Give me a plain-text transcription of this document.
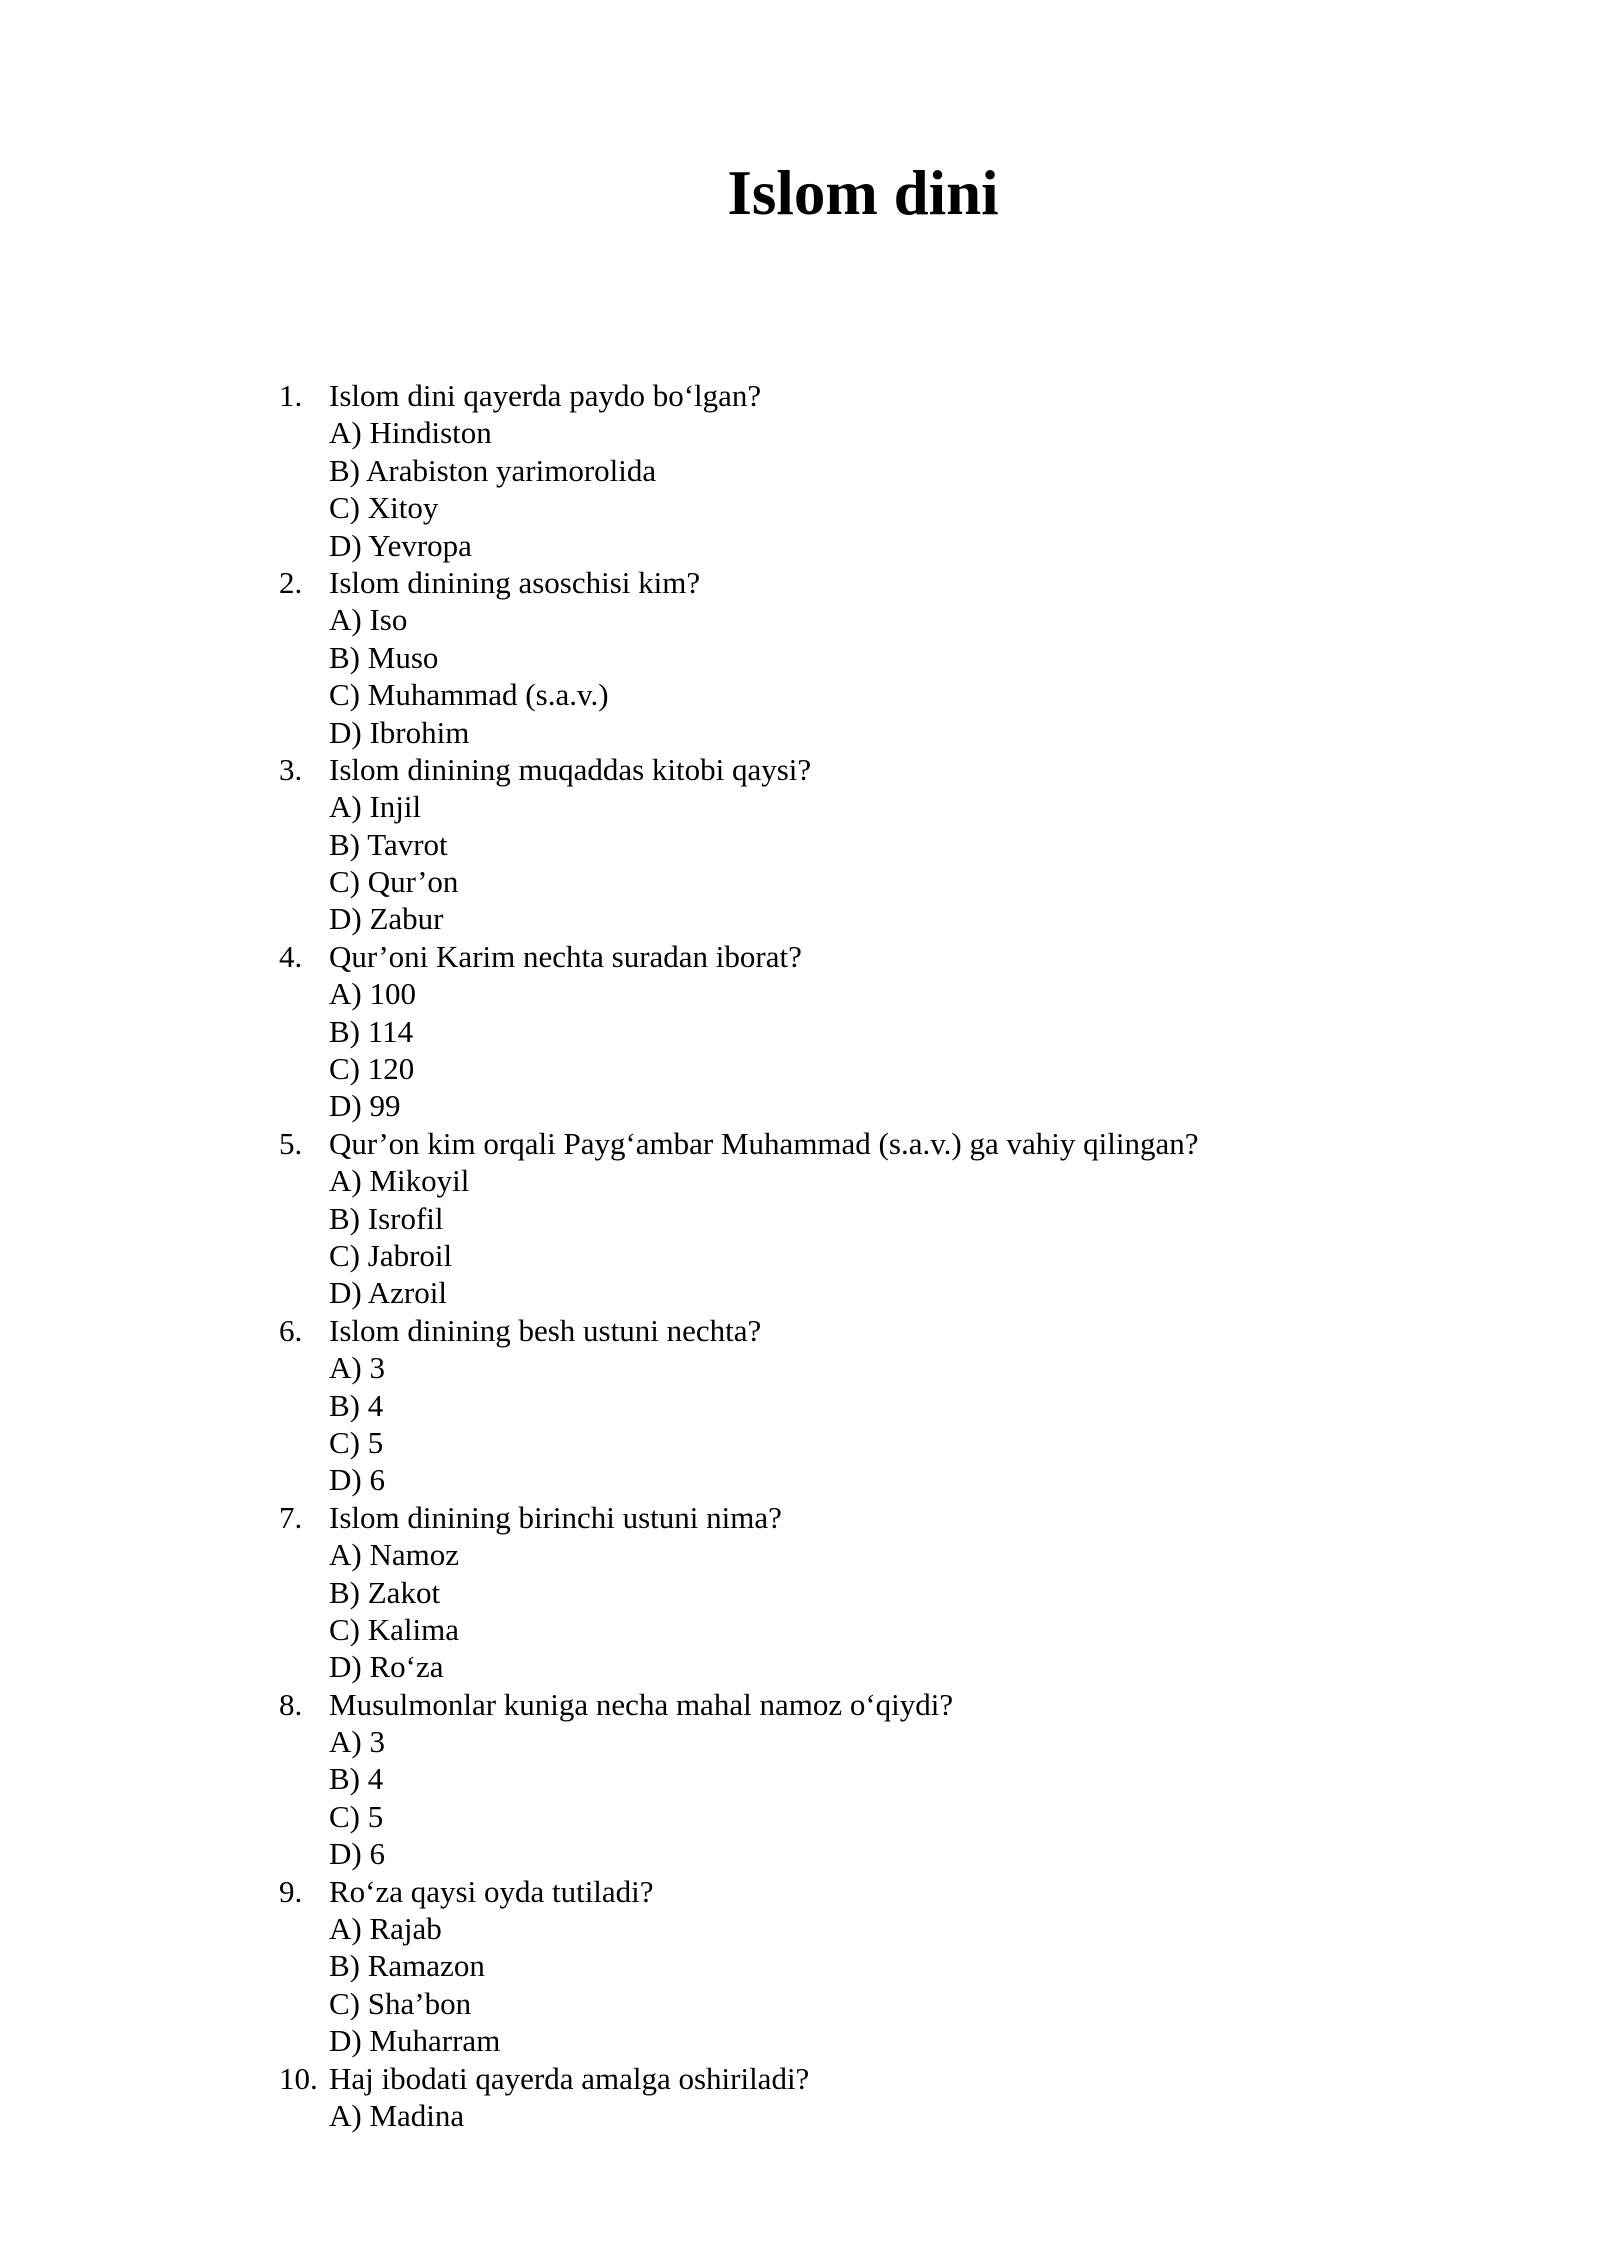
Islom dini
1. Islom dini qayerda paydo bo‘lgan?
A) Hindiston
B) Arabiston yarimorolida
C) Xitoy
D) Yevropa
2. Islom dinining asoschisi kim?
A) Iso
B) Muso
C) Muhammad (s.a.v.)
D) Ibrohim
3. Islom dinining muqaddas kitobi qaysi?
A) Injil
B) Tavrot
C) Qur’on
D) Zabur
4. Qur’oni Karim nechta suradan iborat?
A) 100
B) 114
C) 120
D) 99
5. Qur’on kim orqali Payg‘ambar Muhammad (s.a.v.) ga vahiy qilingan?
A) Mikoyil
B) Isrofil
C) Jabroil
D) Azroil
6. Islom dinining besh ustuni nechta?
A) 3
B) 4
C) 5
D) 6
7. Islom dinining birinchi ustuni nima?
A) Namoz
B) Zakot
C) Kalima
D) Ro‘za
8. Musulmonlar kuniga necha mahal namoz o‘qiydi?
A) 3
B) 4
C) 5
D) 6
9. Ro‘za qaysi oyda tutiladi?
A) Rajab
B) Ramazon
C) Sha’bon
D) Muharram
10. Haj ibodati qayerda amalga oshiriladi?
A) Madina
